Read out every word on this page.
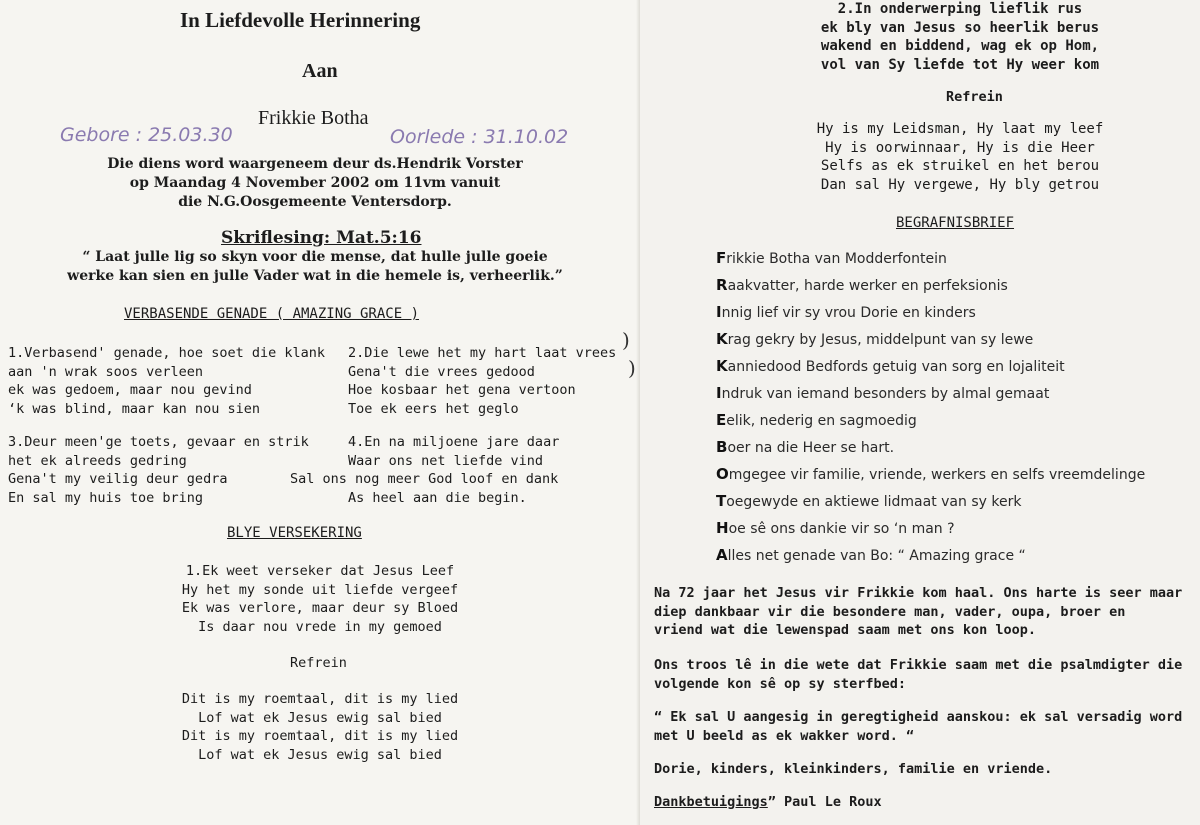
In Liefdevolle Herinnering
Aan
Frikkie Botha
Gebore : 25.03.30	Oorlede : 31.10.02
Die diens word waargeneem deur ds.Hendrik Vorster
op Maandag 4 November 2002 om 11vm vanuit
die N.G.Oosgemeente Ventersdorp.
Skriflesing: Mat.5:16
“ Laat julle lig so skyn voor die mense, dat hulle julle goeie
werke kan sien en julle Vader wat in die hemele is, verheerlik.”
VERBASENDE GENADE ( AMAZING GRACE )
1.Verbasend' genade, hoe soet die klank
aan 'n wrak soos verleen
ek was gedoem, maar nou gevind
‘k was blind, maar kan nou sien
2.Die lewe het my hart laat vrees
Gena't die vrees gedood
Hoe kosbaar het gena vertoon
Toe ek eers het geglo
3.Deur meen'ge toets, gevaar en strik
het ek alreeds gedring
Gena't my veilig deur gedra
En sal my huis toe bring
4.En na miljoene jare daar
Waar ons net liefde vind
Sal ons nog meer God loof en dank
As heel aan die begin.
BLYE VERSEKERING
1.Ek weet verseker dat Jesus Leef
Hy het my sonde uit liefde vergeef
Ek was verlore, maar deur sy Bloed
Is daar nou vrede in my gemoed
Refrein
Dit is my roemtaal, dit is my lied
Lof wat ek Jesus ewig sal bied
Dit is my roemtaal, dit is my lied
Lof wat ek Jesus ewig sal bied
)
)
2.In onderwerping lieflik rus
ek bly van Jesus so heerlik berus
wakend en biddend, wag ek op Hom,
vol van Sy liefde tot Hy weer kom
Refrein
Hy is my Leidsman, Hy laat my leef
Hy is oorwinnaar, Hy is die Heer
Selfs as ek struikel en het berou
Dan sal Hy vergewe, Hy bly getrou
BEGRAFNISBRIEF
Frikkie Botha van Modderfontein
Raakvatter, harde werker en perfeksionis
Innig lief vir sy vrou Dorie en kinders
Krag gekry by Jesus, middelpunt van sy lewe
Kanniedood Bedfords getuig van sorg en lojaliteit
Indruk van iemand besonders by almal gemaat
Eelik, nederig en sagmoedig
Boer na die Heer se hart.
Omgegee vir familie, vriende, werkers en selfs vreemdelinge
Toegewyde en aktiewe lidmaat van sy kerk
Hoe sê ons dankie vir so ‘n man ?
Alles net genade van Bo: “ Amazing grace “
Na 72 jaar het Jesus vir Frikkie kom haal. Ons harte is seer maar
diep dankbaar vir die besondere man, vader, oupa, broer en
vriend wat die lewenspad saam met ons kon loop.
Ons troos lê in die wete dat Frikkie saam met die psalmdigter die
volgende kon sê op sy sterfbed:
“ Ek sal U aangesig in geregtigheid aanskou: ek sal versadig word
met U beeld as ek wakker word. “
Dorie, kinders, kleinkinders, familie en vriende.
Dankbetuigings” Paul Le Roux
